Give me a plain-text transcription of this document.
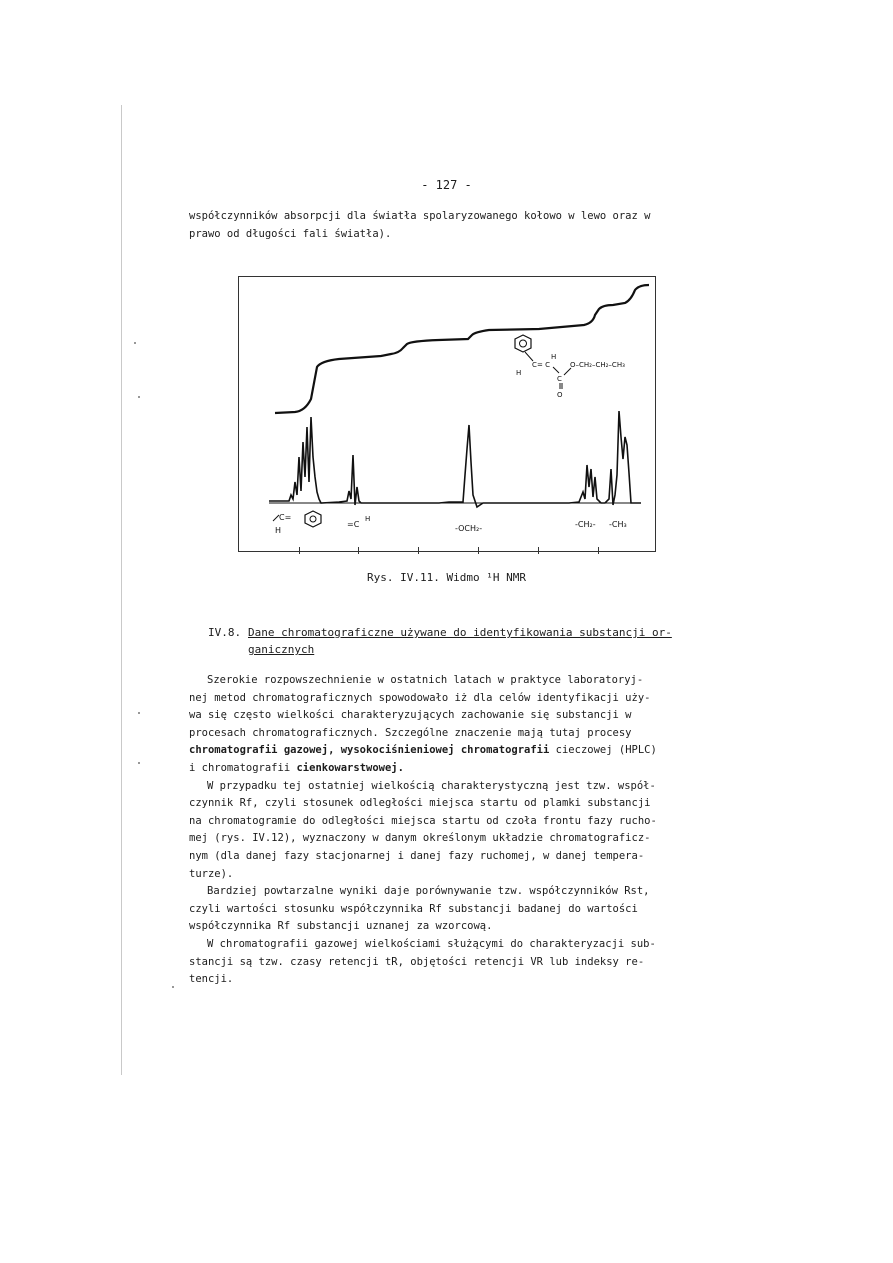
- 127 -
współczynników absorpcji dla światła spolaryzowanego kołowo w lewo oraz w
prawo od długości fali światła).
C = C
H
H
C
O
O–CH₂–CH₂–CH₃
C=
H
=C
H
-OCH₂-	-CH₂- -CH₃
Rys. IV.11. Widmo ¹H NMR
IV.8. Dane chromatograficzne używane do identyfikowania substancji or-
ganicznych
Szerokie rozpowszechnienie w ostatnich latach w praktyce laboratoryj-
nej metod chromatograficznych spowodowało iż dla celów identyfikacji uży-
wa się często wielkości charakteryzujących zachowanie się substancji w
procesach chromatograficznych. Szczególne znaczenie mają tutaj procesy
chromatografii gazowej, wysokociśnieniowej chromatografii cieczowej (HPLC)
i chromatografii cienkowarstwowej.
W przypadku tej ostatniej wielkością charakterystyczną jest tzw. współ-
czynnik Rf, czyli stosunek odległości miejsca startu od plamki substancji
na chromatogramie do odległości miejsca startu od czoła frontu fazy rucho-
mej (rys. IV.12), wyznaczony w danym określonym układzie chromatograficz-
nym (dla danej fazy stacjonarnej i danej fazy ruchomej, w danej tempera-
turze).
Bardziej powtarzalne wyniki daje porównywanie tzw. współczynników Rst,
czyli wartości stosunku współczynnika Rf substancji badanej do wartości
współczynnika Rf substancji uznanej za wzorcową.
W chromatografii gazowej wielkościami służącymi do charakteryzacji sub-
stancji są tzw. czasy retencji tR, objętości retencji VR lub indeksy re-
tencji.
